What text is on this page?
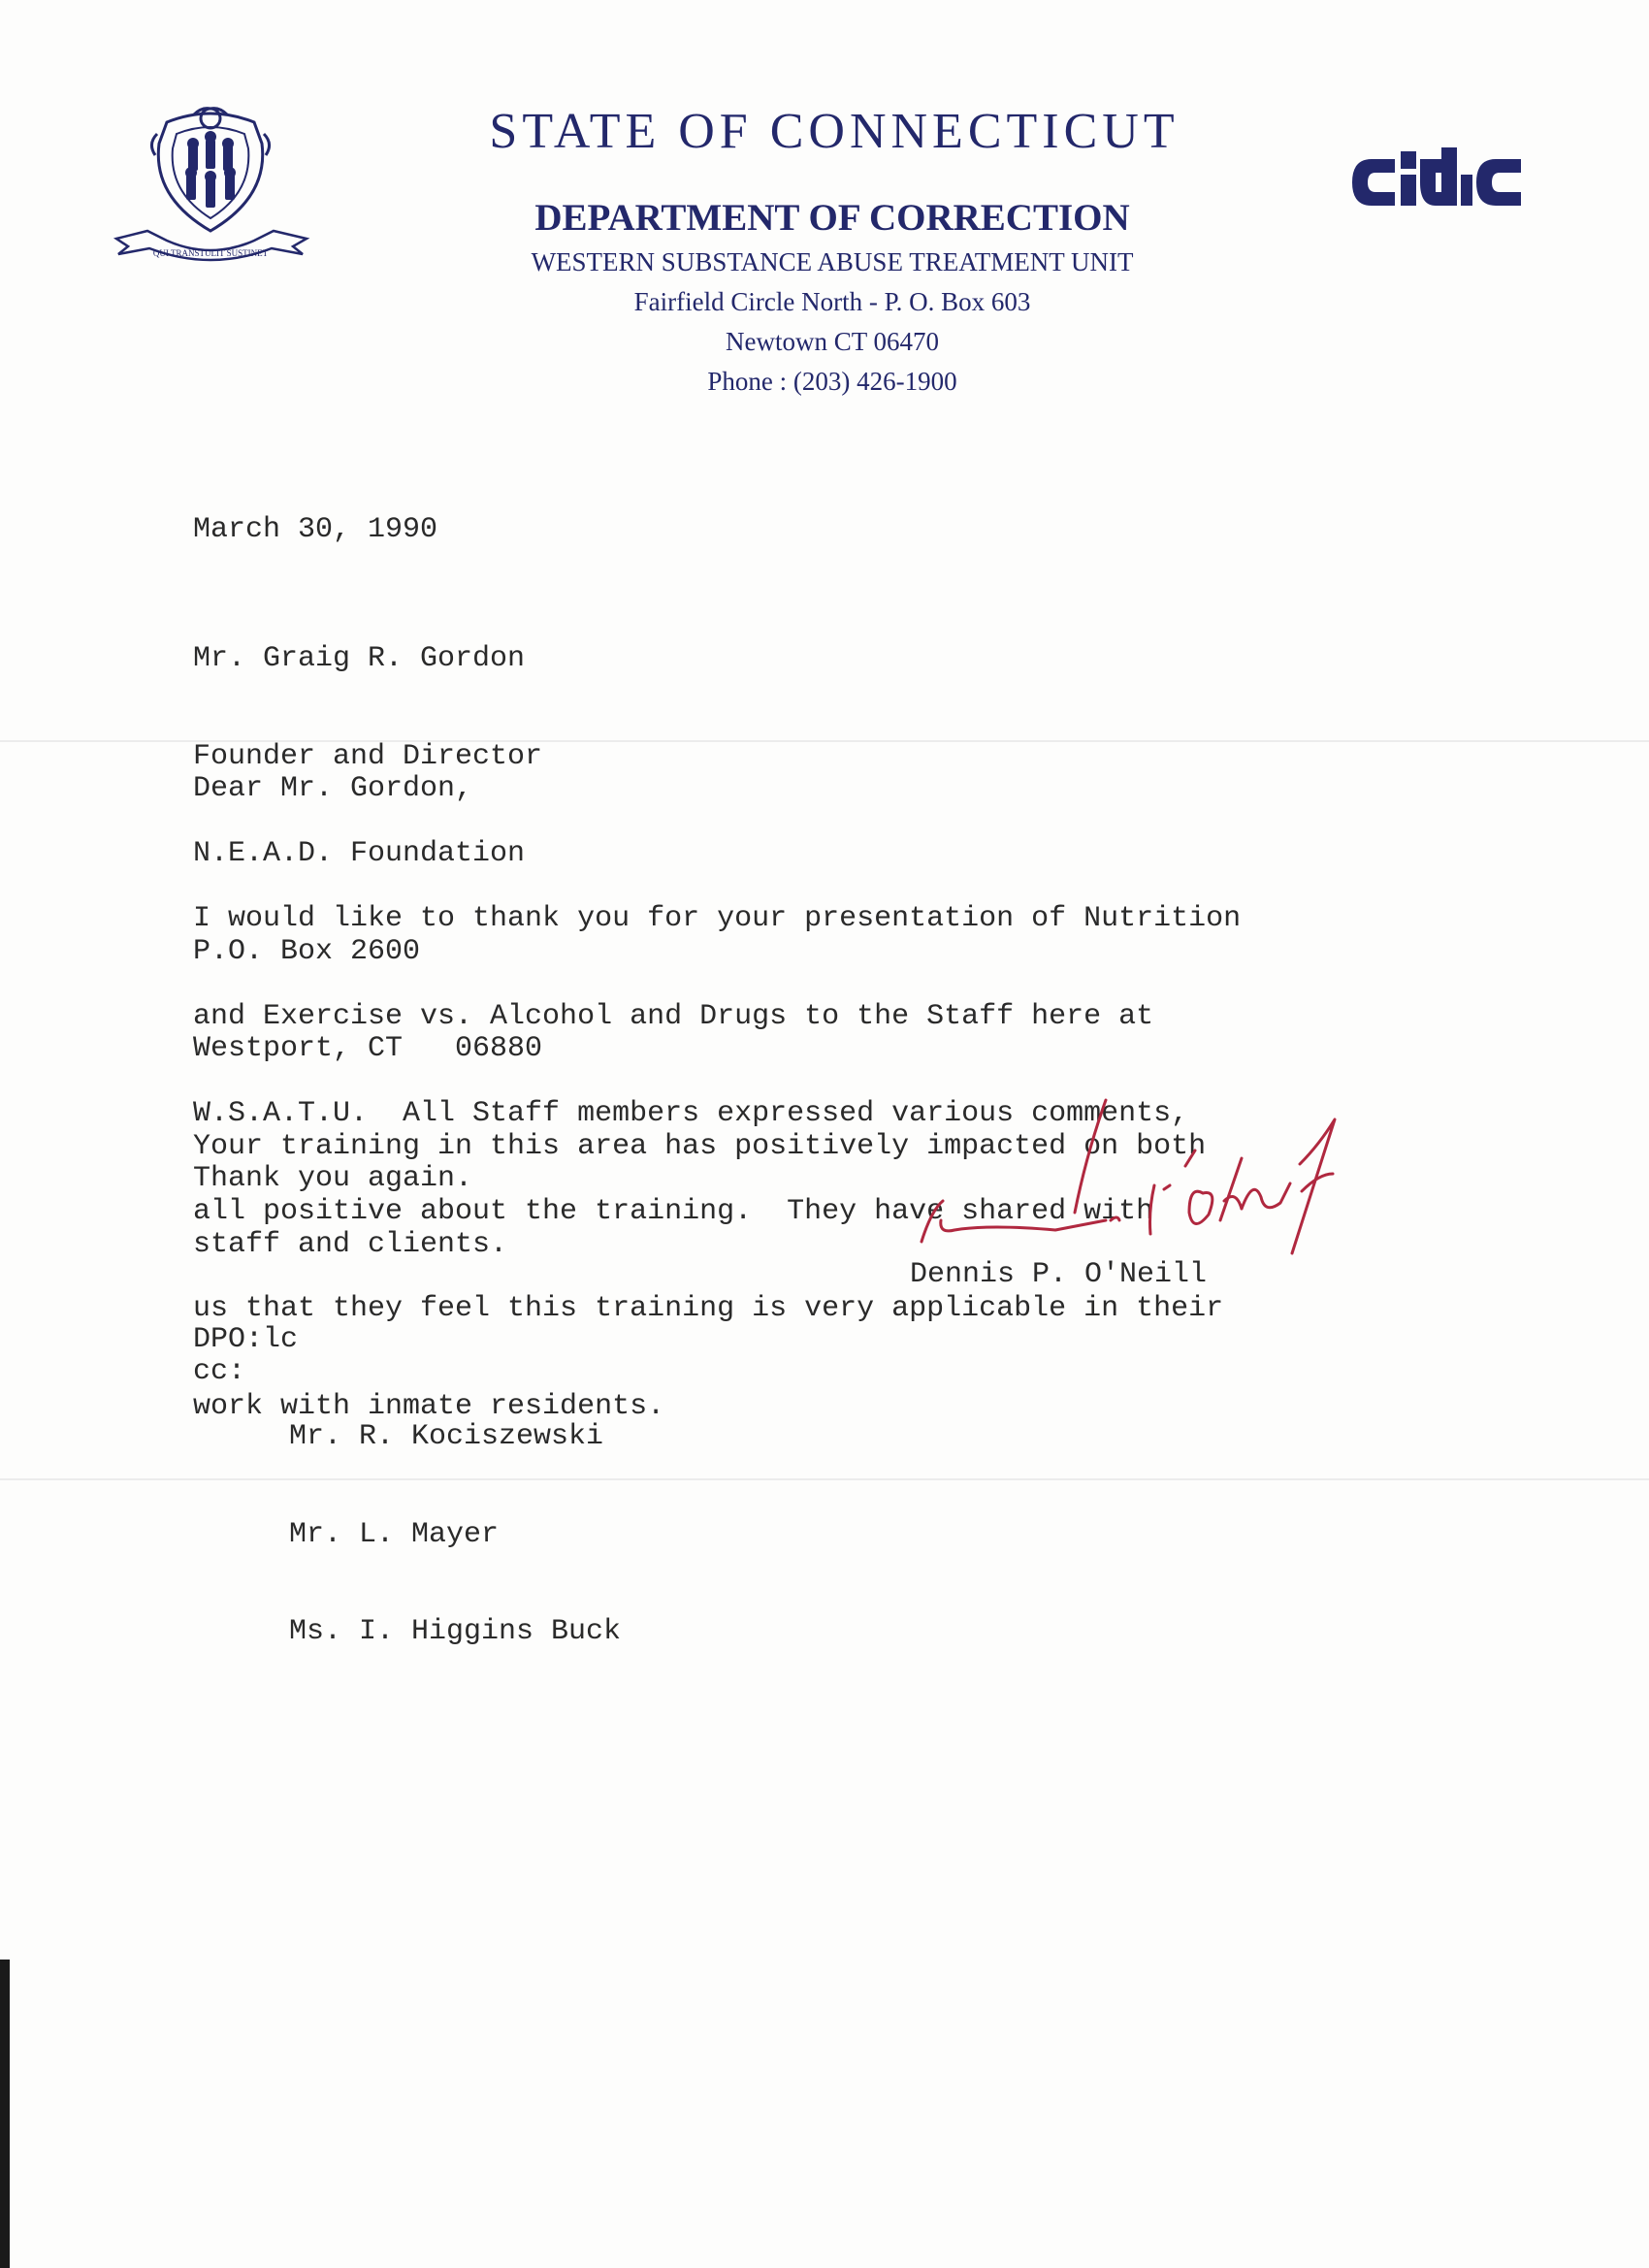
QUI TRANSTULIT SUSTINET
STATE OF CONNECTICUT
DEPARTMENT OF CORRECTION
WESTERN SUBSTANCE ABUSE TREATMENT UNIT
Fairfield Circle North - P. O. Box 603
Newtown CT 06470
Phone : (203) 426-1900
March 30, 1990

Mr. Graig R. Gordon

Founder and Director

N.E.A.D. Foundation

P.O. Box 2600

Westport, CT   06880

Dear Mr. Gordon,

I would like to thank you for your presentation of Nutrition

and Exercise vs. Alcohol and Drugs to the Staff here at

W.S.A.T.U.  All Staff members expressed various comments,

all positive about the training.  They have shared with

us that they feel this training is very applicable in their

work with inmate residents.

Your training in this area has positively impacted on both

staff and clients.

Thank you again.
Dennis P. O'Neill
DPO:lc
cc:

Mr. R. Kociszewski

Mr. L. Mayer

Ms. I. Higgins Buck
